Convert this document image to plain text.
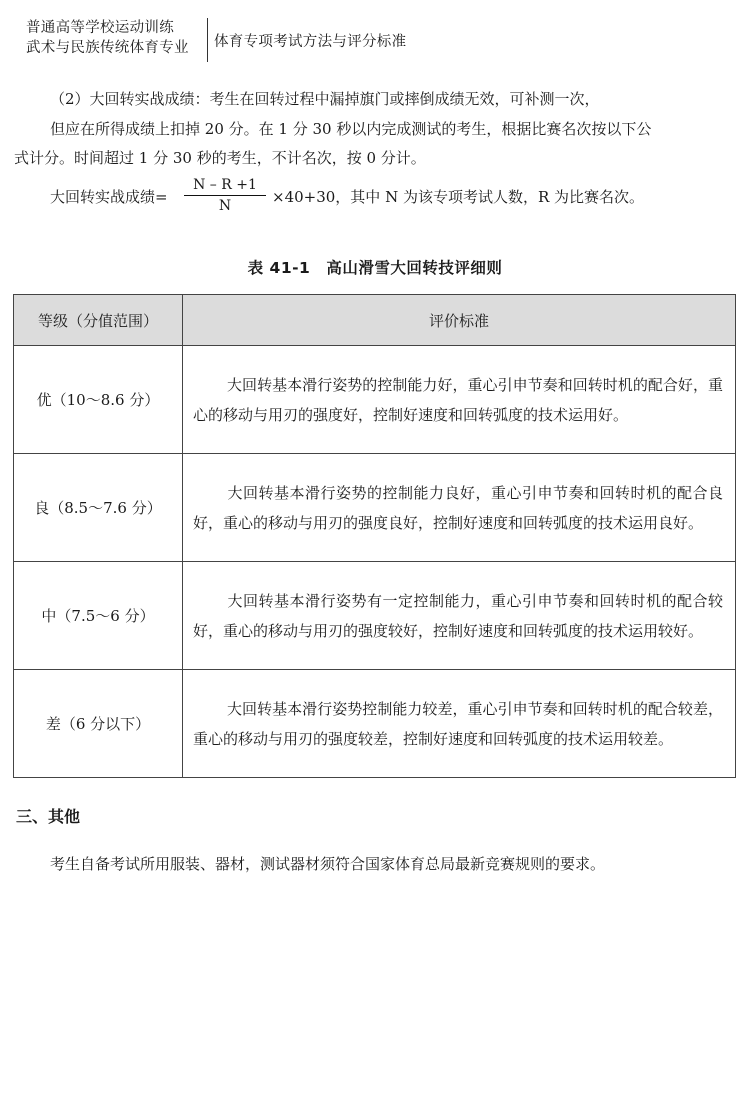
普通高等学校运动训练
武术与民族传统体育专业	体育专项考试方法与评分标准
（2）大回转实战成绩：考生在回转过程中漏掉旗门或摔倒成绩无效，可补测一次，
但应在所得成绩上扣掉 20 分。在 1 分 30 秒以内完成测试的考生，根据比赛名次按以下公
式计分。时间超过 1 分 30 秒的考生，不计名次，按 0 分计。
大回转实战成绩=
N – R +1
N	×40+30，其中 N 为该专项考试人数，R 为比赛名次。
表 41-1　高山滑雪大回转技评细则
等级（分值范围）	评价标准
优（10～8.6 分）	大回转基本滑行姿势的控制能力好，重心引申节奏和回转时机的配合好，重心的移动与用刃的强度好，控制好速度和回转弧度的技术运用好。
良（8.5～7.6 分）	大回转基本滑行姿势的控制能力良好，重心引申节奏和回转时机的配合良好，重心的移动与用刃的强度良好，控制好速度和回转弧度的技术运用良好。
中（7.5～6 分）	大回转基本滑行姿势有一定控制能力，重心引申节奏和回转时机的配合较好，重心的移动与用刃的强度较好，控制好速度和回转弧度的技术运用较好。
差（6 分以下）	大回转基本滑行姿势控制能力较差，重心引申节奏和回转时机的配合较差，重心的移动与用刃的强度较差，控制好速度和回转弧度的技术运用较差。
三、其他
考生自备考试所用服装、器材，测试器材须符合国家体育总局最新竞赛规则的要求。
